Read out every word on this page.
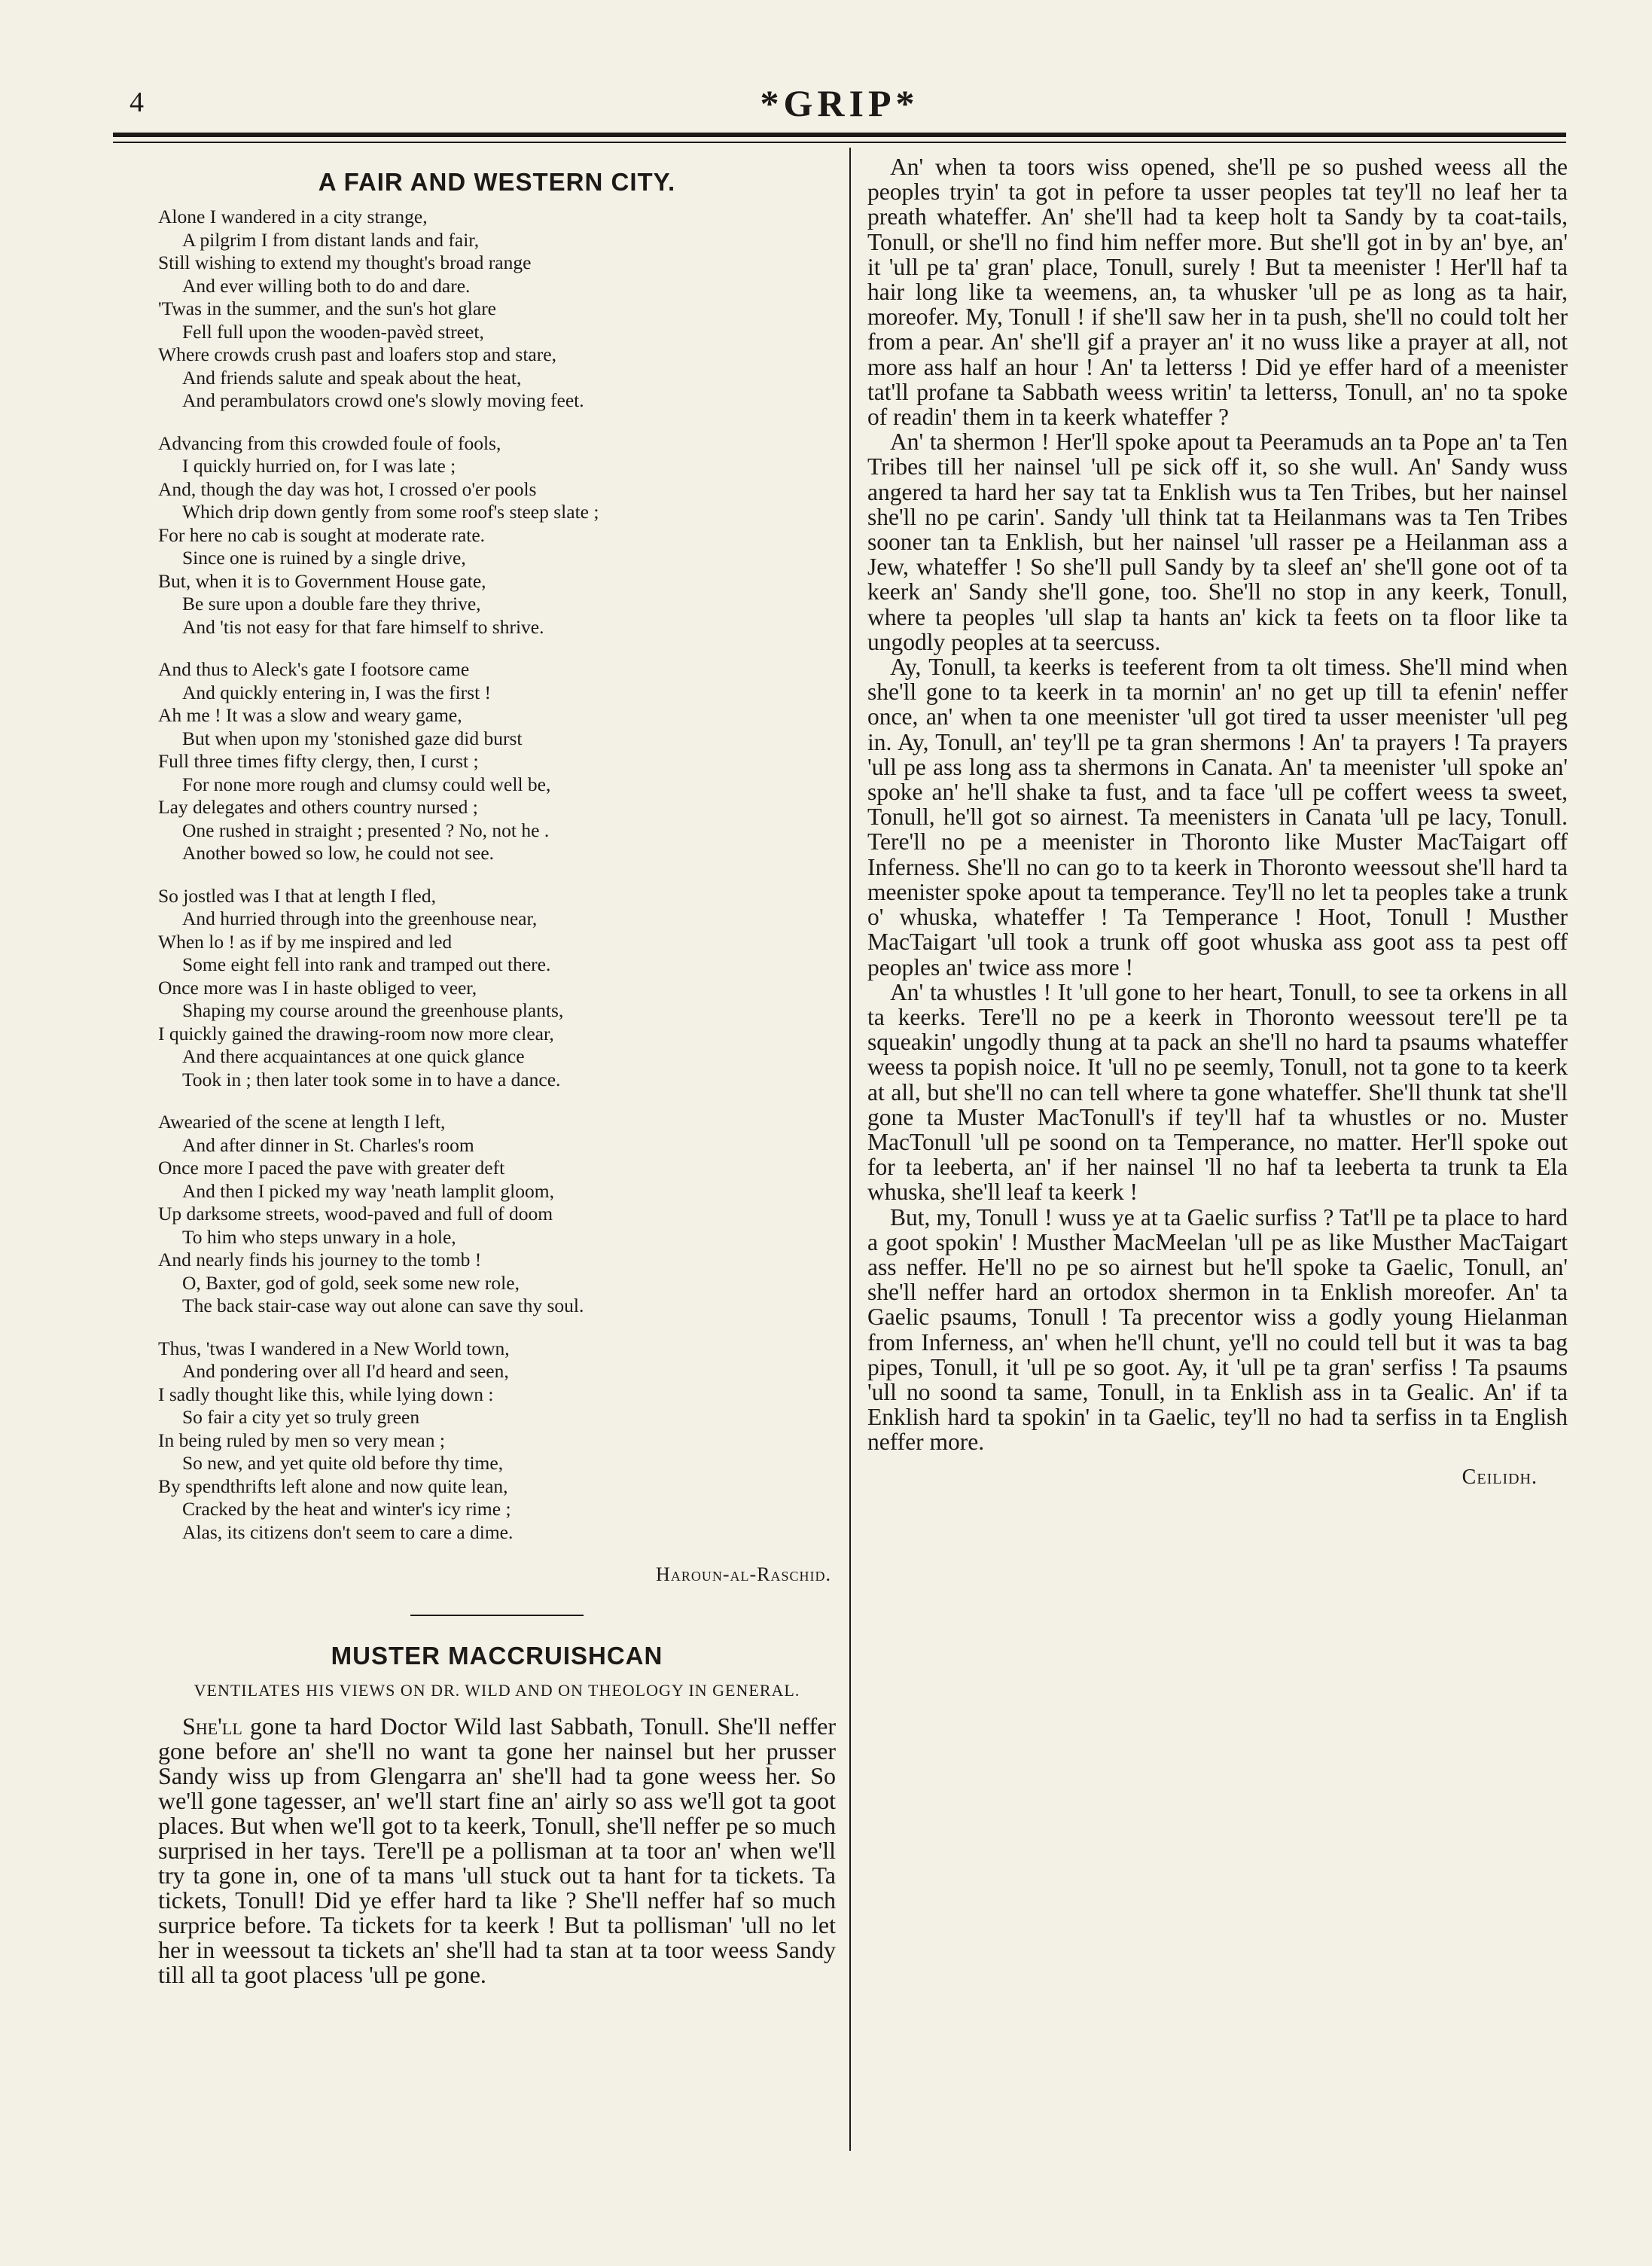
4	*GRIP*
A FAIR AND WESTERN CITY.
Alone I wandered in a city strange,
A pilgrim I from distant lands and fair,
Still wishing to extend my thought's broad range
And ever willing both to do and dare.
'Twas in the summer, and the sun's hot glare
Fell full upon the wooden-pavèd street,
Where crowds crush past and loafers stop and stare,
And friends salute and speak about the heat,
And perambulators crowd one's slowly moving feet.
Advancing from this crowded foule of fools,
I quickly hurried on, for I was late ;
And, though the day was hot, I crossed o'er pools
Which drip down gently from some roof's steep slate ;
For here no cab is sought at moderate rate.
Since one is ruined by a single drive,
But, when it is to Government House gate,
Be sure upon a double fare they thrive,
And 'tis not easy for that fare himself to shrive.
And thus to Aleck's gate I footsore came
And quickly entering in, I was the first !
Ah me ! It was a slow and weary game,
But when upon my 'stonished gaze did burst
Full three times fifty clergy, then, I curst ;
For none more rough and clumsy could well be,
Lay delegates and others country nursed ;
One rushed in straight ; presented ? No, not he .
Another bowed so low, he could not see.
So jostled was I that at length I fled,
And hurried through into the greenhouse near,
When lo ! as if by me inspired and led
Some eight fell into rank and tramped out there.
Once more was I in haste obliged to veer,
Shaping my course around the greenhouse plants,
I quickly gained the drawing-room now more clear,
And there acquaintances at one quick glance
Took in ; then later took some in to have a dance.
Awearied of the scene at length I left,
And after dinner in St. Charles's room
Once more I paced the pave with greater deft
And then I picked my way 'neath lamplit gloom,
Up darksome streets, wood-paved and full of doom
To him who steps unwary in a hole,
And nearly finds his journey to the tomb !
O, Baxter, god of gold, seek some new role,
The back stair-case way out alone can save thy soul.
Thus, 'twas I wandered in a New World town,
And pondering over all I'd heard and seen,
I sadly thought like this, while lying down :
So fair a city yet so truly green
In being ruled by men so very mean ;
So new, and yet quite old before thy time,
By spendthrifts left alone and now quite lean,
Cracked by the heat and winter's icy rime ;
Alas, its citizens don't seem to care a dime.
Haroun-al-Raschid.
MUSTER MACCRUISHCAN
VENTILATES HIS VIEWS ON DR. WILD AND ON THEOLOGY IN GENERAL.

She'll gone ta hard Doctor Wild last Sabbath, Tonull. She'll neffer gone before an' she'll no want ta gone her nainsel but her prusser Sandy wiss up from Glengarra an' she'll had ta gone weess her. So we'll gone tagesser, an' we'll start fine an' airly so ass we'll got ta goot places. But when we'll got to ta keerk, Tonull, she'll neffer pe so much surprised in her tays. Tere'll pe a pollisman at ta toor an' when we'll try ta gone in, one of ta mans 'ull stuck out ta hant for ta tickets. Ta tickets, Tonull! Did ye effer hard ta like ? She'll neffer haf so much surprice before. Ta tickets for ta keerk ! But ta pollisman' 'ull no let her in weessout ta tickets an' she'll had ta stan at ta toor weess Sandy till all ta goot placess 'ull pe gone.

An' when ta toors wiss opened, she'll pe so pushed weess all the peoples tryin' ta got in pefore ta usser peoples tat tey'll no leaf her ta preath whateffer. An' she'll had ta keep holt ta Sandy by ta coat-tails, Tonull, or she'll no find him neffer more. But she'll got in by an' bye, an' it 'ull pe ta' gran' place, Tonull, surely ! But ta meenister ! Her'll haf ta hair long like ta weemens, an, ta whusker 'ull pe as long as ta hair, moreofer. My, Tonull ! if she'll saw her in ta push, she'll no could tolt her from a pear. An' she'll gif a prayer an' it no wuss like a prayer at all, not more ass half an hour ! An' ta letterss ! Did ye effer hard of a meenister tat'll profane ta Sabbath weess writin' ta letterss, Tonull, an' no ta spoke of readin' them in ta keerk whateffer ?

An' ta shermon ! Her'll spoke apout ta Peeramuds an ta Pope an' ta Ten Tribes till her nainsel 'ull pe sick off it, so she wull. An' Sandy wuss angered ta hard her say tat ta Enklish wus ta Ten Tribes, but her nainsel she'll no pe carin'. Sandy 'ull think tat ta Heilanmans was ta Ten Tribes sooner tan ta Enklish, but her nainsel 'ull rasser pe a Heilanman ass a Jew, whateffer ! So she'll pull Sandy by ta sleef an' she'll gone oot of ta keerk an' Sandy she'll gone, too. She'll no stop in any keerk, Tonull, where ta peoples 'ull slap ta hants an' kick ta feets on ta floor like ta ungodly peoples at ta seercuss.

Ay, Tonull, ta keerks is teeferent from ta olt timess. She'll mind when she'll gone to ta keerk in ta mornin' an' no get up till ta efenin' neffer once, an' when ta one meenister 'ull got tired ta usser meenister 'ull peg in. Ay, Tonull, an' tey'll pe ta gran shermons ! An' ta prayers ! Ta prayers 'ull pe ass long ass ta shermons in Canata. An' ta meenister 'ull spoke an' spoke an' he'll shake ta fust, and ta face 'ull pe coffert weess ta sweet, Tonull, he'll got so airnest. Ta meenisters in Canata 'ull pe lacy, Tonull. Tere'll no pe a meenister in Thoronto like Muster MacTaigart off Inferness. She'll no can go to ta keerk in Thoronto weessout she'll hard ta meenister spoke apout ta temperance. Tey'll no let ta peoples take a trunk o' whuska, whateffer ! Ta Temperance ! Hoot, Tonull ! Musther MacTaigart 'ull took a trunk off goot whuska ass goot ass ta pest off peoples an' twice ass more !

An' ta whustles ! It 'ull gone to her heart, Tonull, to see ta orkens in all ta keerks. Tere'll no pe a keerk in Thoronto weessout tere'll pe ta squeakin' ungodly thung at ta pack an she'll no hard ta psaums whateffer weess ta popish noice. It 'ull no pe seemly, Tonull, not ta gone to ta keerk at all, but she'll no can tell where ta gone whateffer. She'll thunk tat she'll gone ta Muster MacTonull's if tey'll haf ta whustles or no. Muster MacTonull 'ull pe soond on ta Temperance, no matter. Her'll spoke out for ta leeberta, an' if her nainsel 'll no haf ta leeberta ta trunk ta Ela whuska, she'll leaf ta keerk !

But, my, Tonull ! wuss ye at ta Gaelic surfiss ? Tat'll pe ta place to hard a goot spokin' ! Musther MacMeelan 'ull pe as like Musther MacTaigart ass neffer. He'll no pe so airnest but he'll spoke ta Gaelic, Tonull, an' she'll neffer hard an ortodox shermon in ta Enklish moreofer. An' ta Gaelic psaums, Tonull ! Ta precentor wiss a godly young Hielanman from Inferness, an' when he'll chunt, ye'll no could tell but it was ta bag pipes, Tonull, it 'ull pe so goot. Ay, it 'ull pe ta gran' serfiss ! Ta psaums 'ull no soond ta same, Tonull, in ta Enklish ass in ta Gealic. An' if ta Enklish hard ta spokin' in ta Gaelic, tey'll no had ta serfiss in ta English neffer more.

Ceilidh.
